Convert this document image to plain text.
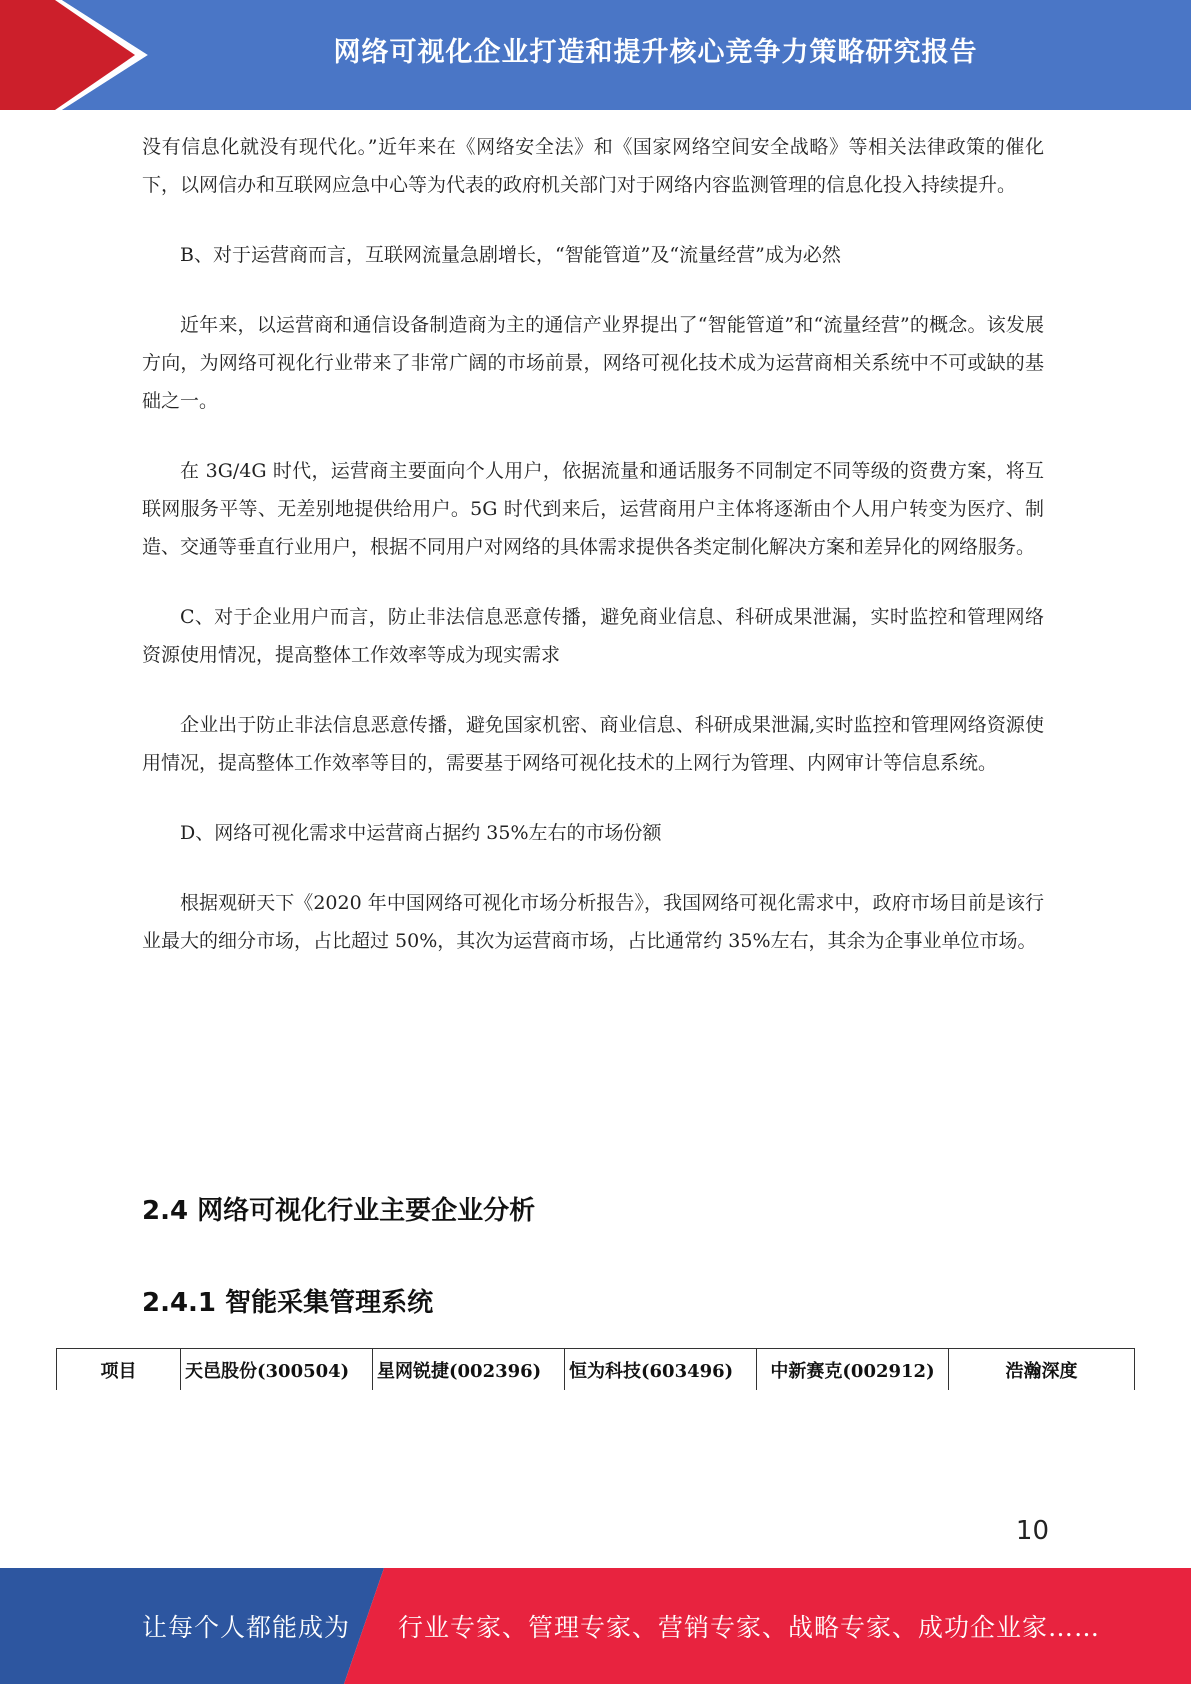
网络可视化企业打造和提升核心竞争力策略研究报告

没有信息化就没有现代化。”近年来在《网络安全法》和《国家网络空间安全战略》等相关法律政策的催化下，以网信办和互联网应急中心等为代表的政府机关部门对于网络内容监测管理的信息化投入持续提升。

B、对于运营商而言，互联网流量急剧增长，“智能管道”及“流量经营”成为必然

近年来，以运营商和通信设备制造商为主的通信产业界提出了“智能管道”和“流量经营”的概念。该发展方向，为网络可视化行业带来了非常广阔的市场前景，网络可视化技术成为运营商相关系统中不可或缺的基础之一。

在 3G/4G 时代，运营商主要面向个人用户，依据流量和通话服务不同制定不同等级的资费方案，将互联网服务平等、无差别地提供给用户。5G 时代到来后，运营商用户主体将逐渐由个人用户转变为医疗、制造、交通等垂直行业用户，根据不同用户对网络的具体需求提供各类定制化解决方案和差异化的网络服务。

C、对于企业用户而言，防止非法信息恶意传播，避免商业信息、科研成果泄漏，实时监控和管理网络资源使用情况，提高整体工作效率等成为现实需求

企业出于防止非法信息恶意传播，避免国家机密、商业信息、科研成果泄漏,实时监控和管理网络资源使用情况，提高整体工作效率等目的，需要基于网络可视化技术的上网行为管理、内网审计等信息系统。

D、网络可视化需求中运营商占据约 35%左右的市场份额

根据观研天下《2020 年中国网络可视化市场分析报告》，我国网络可视化需求中，政府市场目前是该行业最大的细分市场，占比超过 50%，其次为运营商市场，占比通常约 35%左右，其余为企事业单位市场。

2.4 网络可视化行业主要企业分析
2.4.1 智能采集管理系统
项目	天邑股份(300504)	星网锐捷(002396)	恒为科技(603496)	中新赛克(002912)	浩瀚深度
10
让每个人都能成为 行业专家、管理专家、营销专家、战略专家、成功企业家……
